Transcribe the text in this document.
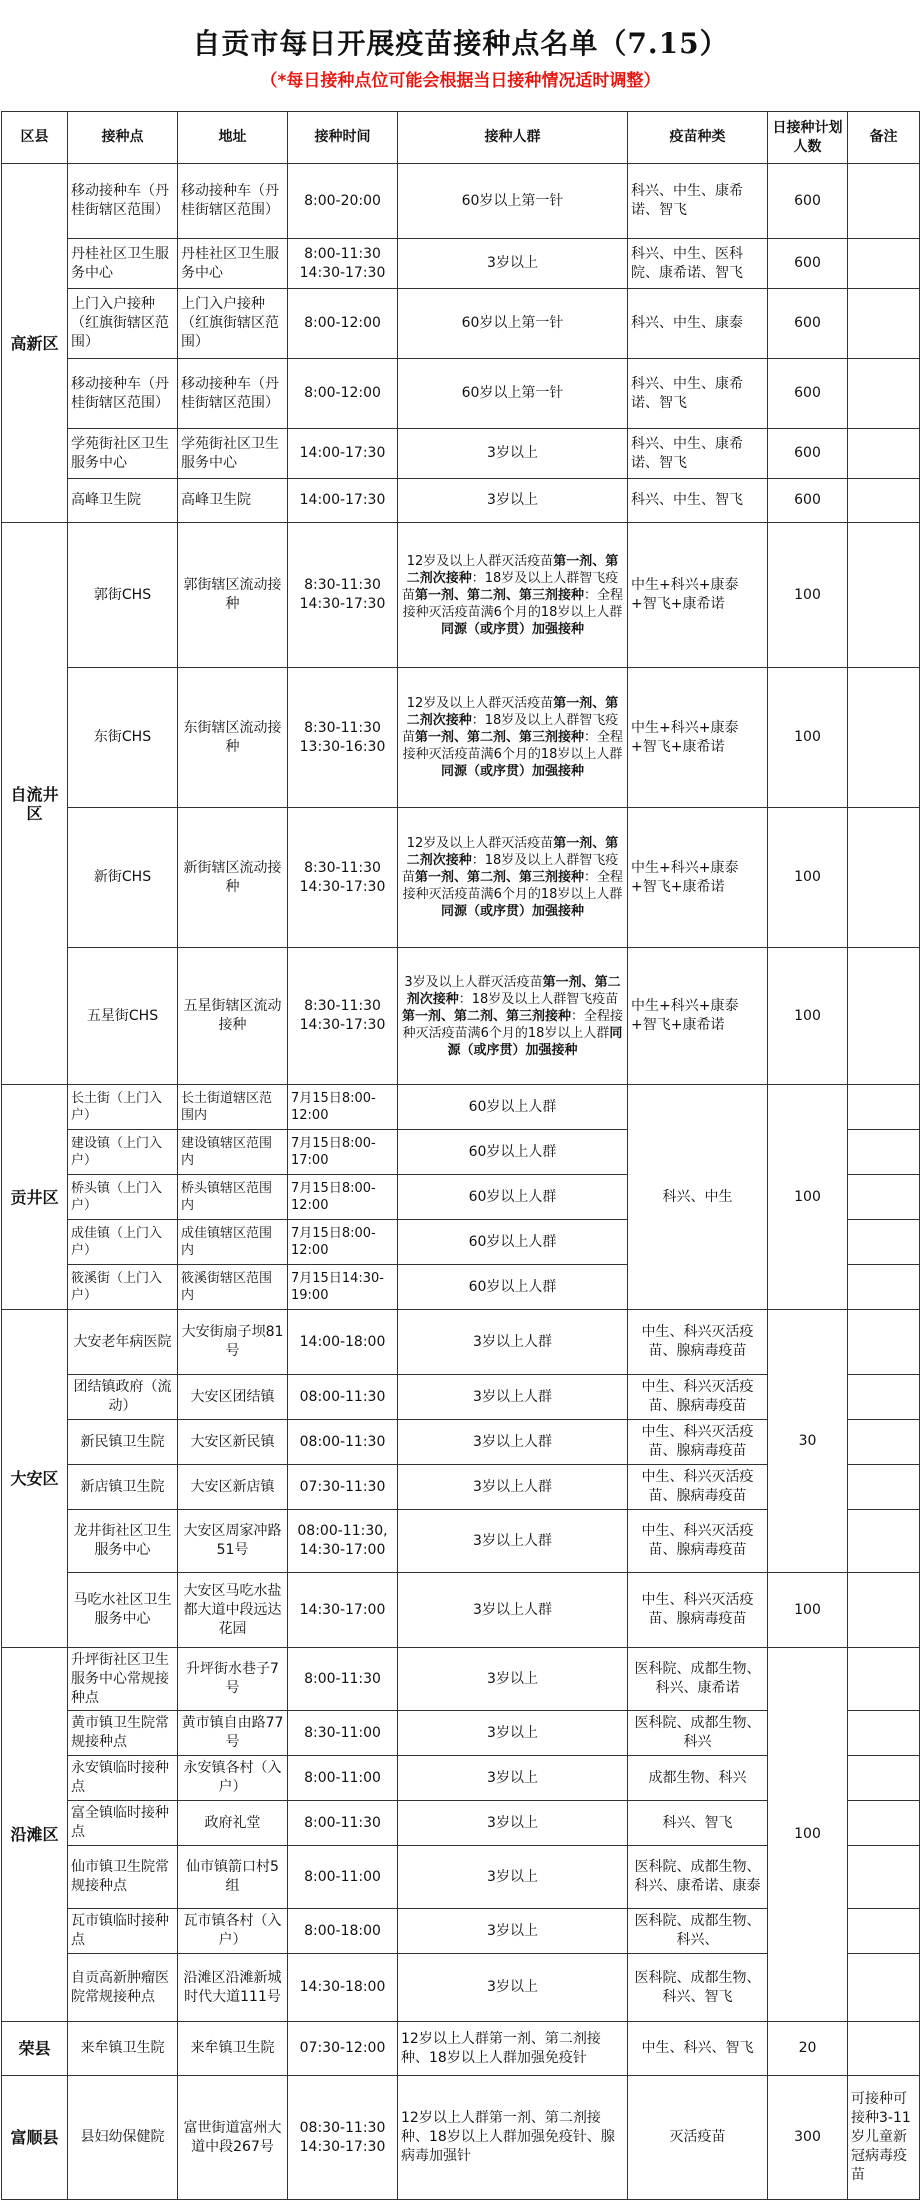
自贡市每日开展疫苗接种点名单（7.15）
（*每日接种点位可能会根据当日接种情况适时调整）
区县	接种点	地址	接种时间	接种人群	疫苗种类	日接种计划人数	备注
高新区	移动接种车（丹桂街辖区范围）	移动接种车（丹桂街辖区范围）	8:00-20:00	60岁以上第一针	科兴、中生、康希诺、智飞	600	
	丹桂社区卫生服务中心	丹桂社区卫生服务中心	8:00-11:30 14:30-17:30	3岁以上	科兴、中生、医科院、康希诺、智飞	600	
	上门入户接种（红旗街辖区范围）	上门入户接种（红旗街辖区范围）	8:00-12:00	60岁以上第一针	科兴、中生、康泰	600	
	移动接种车（丹桂街辖区范围）	移动接种车（丹桂街辖区范围）	8:00-12:00	60岁以上第一针	科兴、中生、康希诺、智飞	600	
	学苑街社区卫生服务中心	学苑街社区卫生服务中心	14:00-17:30	3岁以上	科兴、中生、康希诺、智飞	600	
	高峰卫生院	高峰卫生院	14:00-17:30	3岁以上	科兴、中生、智飞	600	
自流井区	郭街CHS	郭街辖区流动接种	8:30-11:30 14:30-17:30	12岁及以上人群灭活疫苗第一剂、第二剂次接种：18岁及以上人群智飞疫苗第一剂、第二剂、第三剂接种：全程接种灭活疫苗满6个月的18岁以上人群同源（或序贯）加强接种	中生+科兴+康泰+智飞+康希诺	100	
	东街CHS	东街辖区流动接种	8:30-11:30 13:30-16:30	12岁及以上人群灭活疫苗第一剂、第二剂次接种：18岁及以上人群智飞疫苗第一剂、第二剂、第三剂接种：全程接种灭活疫苗满6个月的18岁以上人群同源（或序贯）加强接种	中生+科兴+康泰+智飞+康希诺	100	
	新街CHS	新街辖区流动接种	8:30-11:30 14:30-17:30	12岁及以上人群灭活疫苗第一剂、第二剂次接种：18岁及以上人群智飞疫苗第一剂、第二剂、第三剂接种：全程接种灭活疫苗满6个月的18岁以上人群同源（或序贯）加强接种	中生+科兴+康泰+智飞+康希诺	100	
	五星街CHS	五星街辖区流动接种	8:30-11:30 14:30-17:30	3岁及以上人群灭活疫苗第一剂、第二剂次接种：18岁及以上人群智飞疫苗第一剂、第二剂、第三剂接种：全程接种灭活疫苗满6个月的18岁以上人群同源（或序贯）加强接种	中生+科兴+康泰+智飞+康希诺	100	
贡井区	长土街（上门入户）	长土街道辖区范围内	7月15日8:00-12:00	60岁以上人群	科兴、中生	100	
	建设镇（上门入户）	建设镇辖区范围内	7月15日8:00-17:00	60岁以上人群			
	桥头镇（上门入户）	桥头镇辖区范围内	7月15日8:00-12:00	60岁以上人群			
	成佳镇（上门入户）	成佳镇辖区范围内	7月15日8:00-12:00	60岁以上人群			
	筱溪街（上门入户）	筱溪街辖区范围内	7月15日14:30-19:00	60岁以上人群			
大安区	大安老年病医院	大安街扇子坝81号	14:00-18:00	3岁以上人群	中生、科兴灭活疫苗、腺病毒疫苗	30	
	团结镇政府（流动）	大安区团结镇	08:00-11:30	3岁以上人群	中生、科兴灭活疫苗、腺病毒疫苗		
	新民镇卫生院	大安区新民镇	08:00-11:30	3岁以上人群	中生、科兴灭活疫苗、腺病毒疫苗		
	新店镇卫生院	大安区新店镇	07:30-11:30	3岁以上人群	中生、科兴灭活疫苗、腺病毒疫苗		
	龙井街社区卫生服务中心	大安区周家冲路51号	08:00-11:30, 14:30-17:00	3岁以上人群	中生、科兴灭活疫苗、腺病毒疫苗		
	马吃水社区卫生服务中心	大安区马吃水盐都大道中段远达花园	14:30-17:00	3岁以上人群	中生、科兴灭活疫苗、腺病毒疫苗	100	
沿滩区	升坪街社区卫生服务中心常规接种点	升坪街水巷子7号	8:00-11:30	3岁以上	医科院、成都生物、科兴、康希诺	100	
	黄市镇卫生院常规接种点	黄市镇自由路77号	8:30-11:00	3岁以上	医科院、成都生物、科兴		
	永安镇临时接种点	永安镇各村（入户）	8:00-11:00	3岁以上	成都生物、科兴		
	富全镇临时接种点	政府礼堂	8:00-11:30	3岁以上	科兴、智飞		
	仙市镇卫生院常规接种点	仙市镇箭口村5组	8:00-11:00	3岁以上	医科院、成都生物、科兴、康希诺、康泰		
	瓦市镇临时接种点	瓦市镇各村（入户）	8:00-18:00	3岁以上	医科院、成都生物、科兴、		
	自贡高新肿瘤医院常规接种点	沿滩区沿滩新城时代大道111号	14:30-18:00	3岁以上	医科院、成都生物、科兴、智飞		
荣县	来牟镇卫生院	来牟镇卫生院	07:30-12:00	12岁以上人群第一剂、第二剂接种、18岁以上人群加强免疫针	中生、科兴、智飞	20	
富顺县	县妇幼保健院	富世街道富州大道中段267号	08:30-11:30 14:30-17:30	12岁以上人群第一剂、第二剂接种、18岁以上人群加强免疫针、腺病毒加强针	灭活疫苗	300	可接种可接种3-11岁儿童新冠病毒疫苗
